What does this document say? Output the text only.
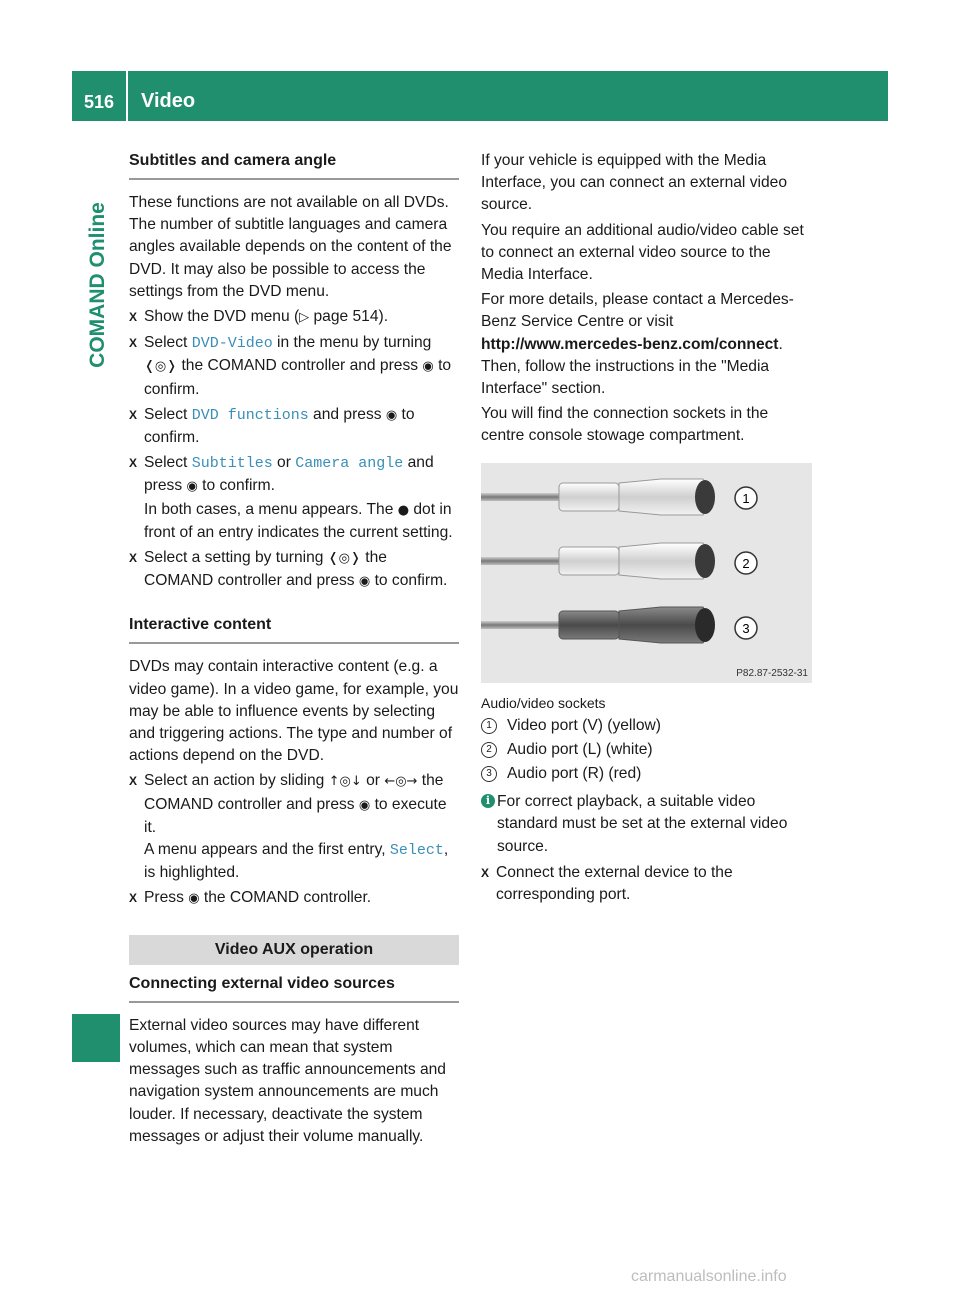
516	Video
COMAND Online
Subtitles and camera angle

These functions are not available on all DVDs. The number of subtitle languages and camera angles available depends on the content of the DVD. It may also be possible to access the settings from the DVD menu.

X Show the DVD menu (▷ page 514).
X Select DVD-Video in the menu by turning ❬◎❭ the COMAND controller and press ◉ to confirm.
X Select DVD functions and press ◉ to confirm.
X Select Subtitles or Camera angle and press ◉ to confirm.
In both cases, a menu appears. The ● dot in front of an entry indicates the current setting.
X Select a setting by turning ❬◎❭ the COMAND controller and press ◉ to confirm.
Interactive content

DVDs may contain interactive content (e.g. a video game). In a video game, for example, you may be able to influence events by selecting and triggering actions. The type and number of actions depend on the DVD.

X Select an action by sliding ↑◎↓ or ←◎→ the COMAND controller and press ◉ to execute it.
A menu appears and the first entry, Select, is highlighted.
X Press ◉ the COMAND controller.
Video AUX operation
Connecting external video sources

External video sources may have different volumes, which can mean that system messages such as traffic announcements and navigation system announcements are much louder. If necessary, deactivate the system messages or adjust their volume manually.

If your vehicle is equipped with the Media Interface, you can connect an external video source.

You require an additional audio/video cable set to connect an external video source to the Media Interface.

For more details, please contact a Mercedes-Benz Service Centre or visit http://www.mercedes-benz.com/connect. Then, follow the instructions in the "Media Interface" section.

You will find the connection sockets in the centre console stowage compartment.

1
2
3
P82.87-2532-31
Audio/video sockets
1 Video port (V) (yellow)
2 Audio port (L) (white)
3 Audio port (R) (red)
i For correct playback, a suitable video standard must be set at the external video source.
X Connect the external device to the corresponding port.
carmanualsonline.info
